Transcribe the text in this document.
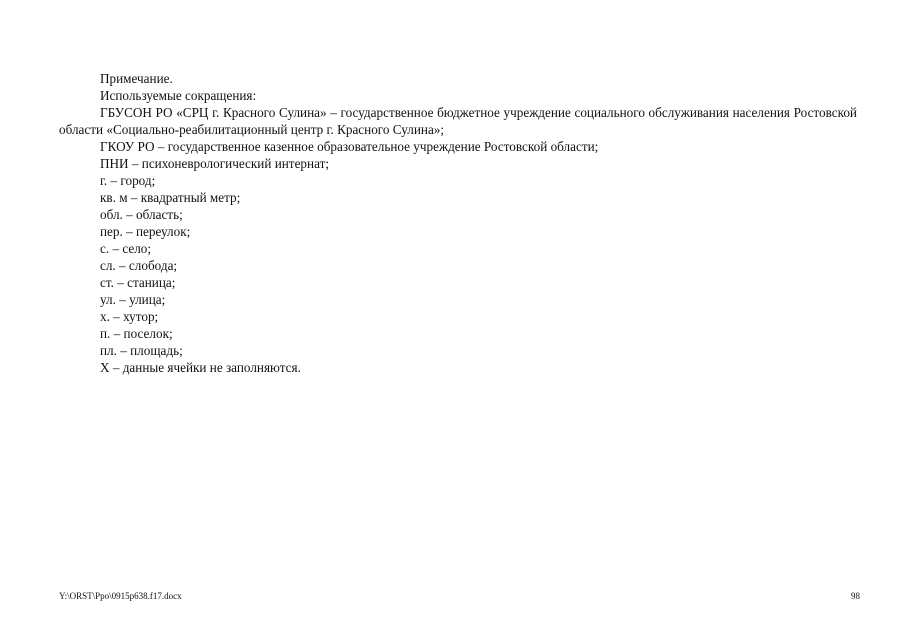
Примечание.

Используемые сокращения:

ГБУСОН РО «СРЦ г. Красного Сулина» – государственное бюджетное учреждение социального обслуживания населения Ростовской области «Социально-реабилитационный центр г. Красного Сулина»;

ГКОУ РО – государственное казенное образовательное учреждение Ростовской области;

ПНИ – психоневрологический интернат;

г. – город;

кв. м – квадратный метр;

обл. – область;

пер. – переулок;

с. – село;

сл. – слобода;

ст. – станица;

ул. – улица;

х. – хутор;

п. – поселок;

пл. – площадь;

Х – данные ячейки не заполняются.

Y:\ORST\Ppo\0915p638.f17.docx	98
